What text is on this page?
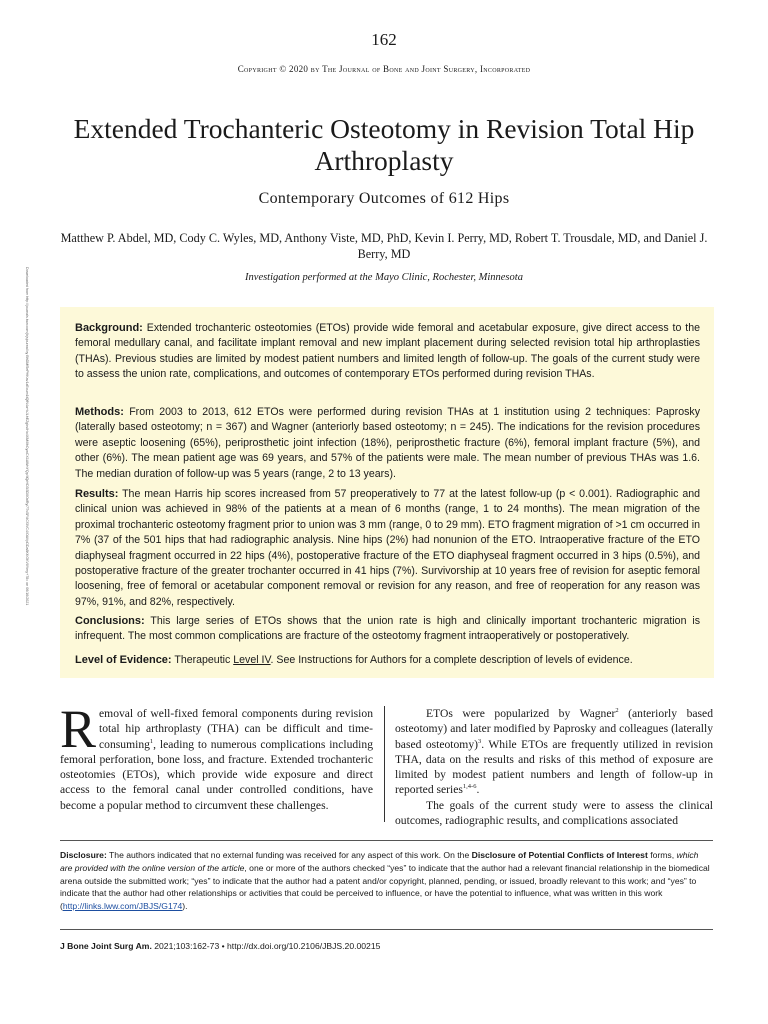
162
Copyright © 2020 by The Journal of Bone and Joint Surgery, Incorporated
Extended Trochanteric Osteotomy in Revision Total Hip Arthroplasty
Contemporary Outcomes of 612 Hips
Matthew P. Abdel, MD, Cody C. Wyles, MD, Anthony Viste, MD, PhD, Kevin I. Perry, MD, Robert T. Trousdale, MD, and Daniel J. Berry, MD
Investigation performed at the Mayo Clinic, Rochester, Minnesota
Downloaded from http://journals.lww.com/jbjsjournal by BhDMf5ePHKav1zEoum1tQfN4a+kJLhEZgbsIHo4XMi0hCywCX1AWnYQp/IlQrHD3i3D0OdRyi7TvSFl4Cf3VC4/OAVpDDa8KKGKV0Ymy+78= on 06/16/2021	Background: Extended trochanteric osteotomies (ETOs) provide wide femoral and acetabular exposure, give direct access to the femoral medullary canal, and facilitate implant removal and new implant placement during selected revision total hip arthroplasties (THAs). Previous studies are limited by modest patient numbers and limited length of follow-up. The goals of the current study were to assess the union rate, complications, and outcomes of contemporary ETOs performed during revision THAs.

Methods: From 2003 to 2013, 612 ETOs were performed during revision THAs at 1 institution using 2 techniques: Paprosky (laterally based osteotomy; n = 367) and Wagner (anteriorly based osteotomy; n = 245). The indications for the revision procedures were aseptic loosening (65%), periprosthetic joint infection (18%), periprosthetic fracture (6%), femoral implant fracture (5%), and other (6%). The mean patient age was 69 years, and 57% of the patients were male. The mean number of previous THAs was 1.6. The median duration of follow-up was 5 years (range, 2 to 13 years).

Results: The mean Harris hip scores increased from 57 preoperatively to 77 at the latest follow-up (p < 0.001). Radiographic and clinical union was achieved in 98% of the patients at a mean of 6 months (range, 1 to 24 months). The mean migration of the proximal trochanteric osteotomy fragment prior to union was 3 mm (range, 0 to 29 mm). ETO fragment migration of >1 cm occurred in 7% (37 of the 501 hips that had radiographic analysis. Nine hips (2%) had nonunion of the ETO. Intraoperative fracture of the ETO diaphyseal fragment occurred in 22 hips (4%), postoperative fracture of the ETO diaphyseal fragment occurred in 3 hips (0.5%), and postoperative fracture of the greater trochanter occurred in 41 hips (7%). Survivorship at 10 years free of revision for aseptic femoral loosening, free of femoral or acetabular component removal or revision for any reason, and free of reoperation for any reason was 97%, 91%, and 82%, respectively.

Conclusions: This large series of ETOs shows that the union rate is high and clinically important trochanteric migration is infrequent. The most common complications are fracture of the osteotomy fragment intraoperatively or postoperatively.

Level of Evidence: Therapeutic Level IV. See Instructions for Authors for a complete description of levels of evidence.

Removal of well-fixed femoral components during revision total hip arthroplasty (THA) can be difficult and time-consuming$^1$, leading to numerous complications including femoral perforation, bone loss, and fracture. Extended trochanteric osteotomies (ETOs), which provide wide exposure and direct access to the femoral canal under controlled conditions, have become a popular method to circumvent these challenges.

ETOs were popularized by Wagner$^2$ (anteriorly based osteotomy) and later modified by Paprosky and colleagues (laterally based osteotomy)$^3$. While ETOs are frequently utilized in revision THA, data on the results and risks of this method of exposure are limited by modest patient numbers and length of follow-up in reported series$^{1,4-6}$.

The goals of the current study were to assess the clinical outcomes, radiographic results, and complications associated

Disclosure: The authors indicated that no external funding was received for any aspect of this work. On the Disclosure of Potential Conflicts of Interest forms, which are provided with the online version of the article, one or more of the authors checked “yes” to indicate that the author had a relevant financial relationship in the biomedical arena outside the submitted work; “yes” to indicate that the author had a patent and/or copyright, planned, pending, or issued, broadly relevant to this work; and “yes” to indicate that the author had other relationships or activities that could be perceived to influence, or have the potential to influence, what was written in this work (http://links.lww.com/JBJS/G174).

J Bone Joint Surg Am. 2021;103:162-73 • http://dx.doi.org/10.2106/JBJS.20.00215
